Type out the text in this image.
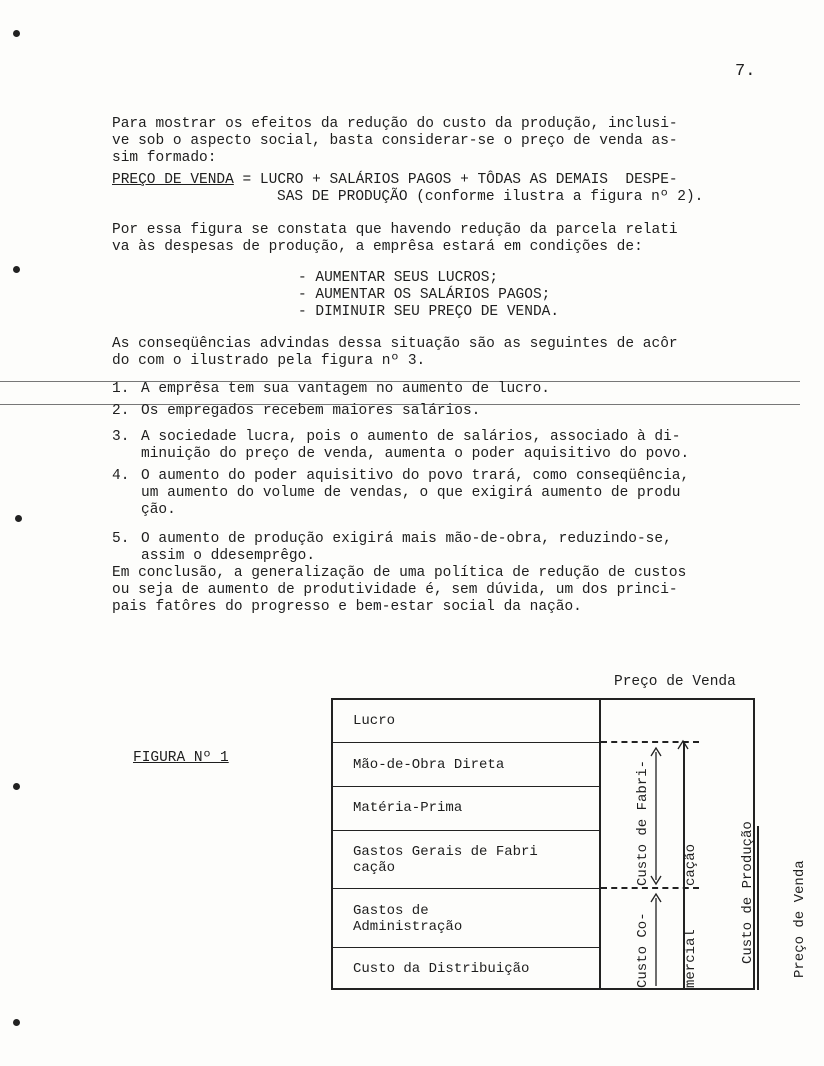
7.

Para mostrar os efeitos da redução do custo da produção, inclusi-

ve sob o aspecto social, basta considerar-se o preço de venda as-

sim formado:

PREÇO DE VENDA = LUCRO + SALÁRIOS PAGOS + TÔDAS AS DEMAIS  DESPE-

SAS DE PRODUÇÃO (conforme ilustra a figura nº 2).

Por essa figura se constata que havendo redução da parcela relati

va às despesas de produção, a emprêsa estará em condições de:

- AUMENTAR SEUS LUCROS;

- AUMENTAR OS SALÁRIOS PAGOS;

- DIMINUIR SEU PREÇO DE VENDA.

As conseqüências advindas dessa situação são as seguintes de acôr

do com o ilustrado pela figura nº 3.

1. A emprêsa tem sua vantagem no aumento de lucro.
2. Os empregados recebem maiores salários.
3. A sociedade lucra, pois o aumento de salários, associado à di-
minuição do preço de venda, aumenta o poder aquisitivo do povo.
4. O aumento do poder aquisitivo do povo trará, como conseqüência,
um aumento do volume de vendas, o que exigirá aumento de produ
ção.
5. O aumento de produção exigirá mais mão-de-obra, reduzindo-se,
assim o ddesemprêgo.

Em conclusão, a generalização de uma política de redução de custos

ou seja de aumento de produtividade é, sem dúvida, um dos princi-

pais fatôres do progresso e bem-estar social da nação.

FIGURA Nº 1
Preço de Venda
Lucro
Mão-de-Obra Direta
Matéria-Prima
Gastos Gerais de Fabri
cação
Gastos de
Administração
Custo da Distribuição

Custo de Fabri-

cação

Custo Co-

mercial

	Custo de Produção

	Preço de Venda
